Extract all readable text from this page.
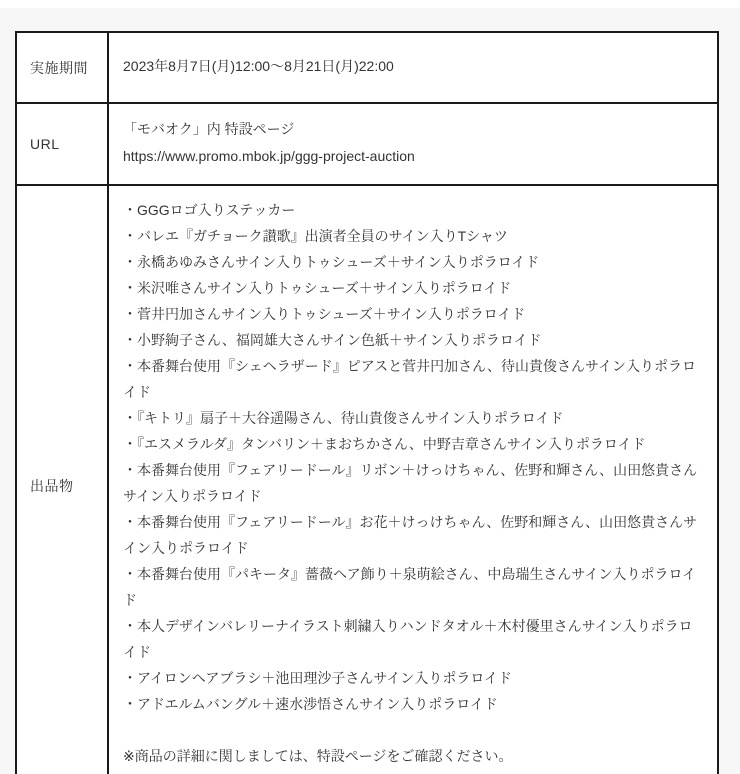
実施期間	2023年8月7日(月)12:00〜8月21日(月)22:00

URL	「モバオク」内 特設ページ

https://www.promo.mbok.jp/ggg-project-auction

出品物	

・GGGロゴ入りステッカー

・バレエ『ガチョーク讃歌』出演者全員のサイン入りTシャツ

・永橋あゆみさんサイン入りトゥシューズ＋サイン入りポラロイド

・米沢唯さんサイン入りトゥシューズ＋サイン入りポラロイド

・菅井円加さんサイン入りトゥシューズ＋サイン入りポラロイド

・小野絢子さん、福岡雄大さんサイン色紙＋サイン入りポラロイド

・本番舞台使用『シェヘラザード』ピアスと菅井円加さん、待山貴俊さんサイン入りポラロイド

・『キトリ』扇子＋大谷遥陽さん、待山貴俊さんサイン入りポラロイド

・『エスメラルダ』タンバリン＋まおちかさん、中野吉章さんサイン入りポラロイド

・本番舞台使用『フェアリードール』リボン＋けっけちゃん、佐野和輝さん、山田悠貴さんサイン入りポラロイド

・本番舞台使用『フェアリードール』お花＋けっけちゃん、佐野和輝さん、山田悠貴さんサイン入りポラロイド

・本番舞台使用『パキータ』薔薇ヘア飾り＋泉萌絵さん、中島瑞生さんサイン入りポラロイド

・本人デザインバレリーナイラスト刺繍入りハンドタオル＋木村優里さんサイン入りポラロイド

・アイロンヘアブラシ＋池田理沙子さんサイン入りポラロイド

・アドエルムバングル＋速水渉悟さんサイン入りポラロイド

※商品の詳細に関しましては、特設ページをご確認ください。
